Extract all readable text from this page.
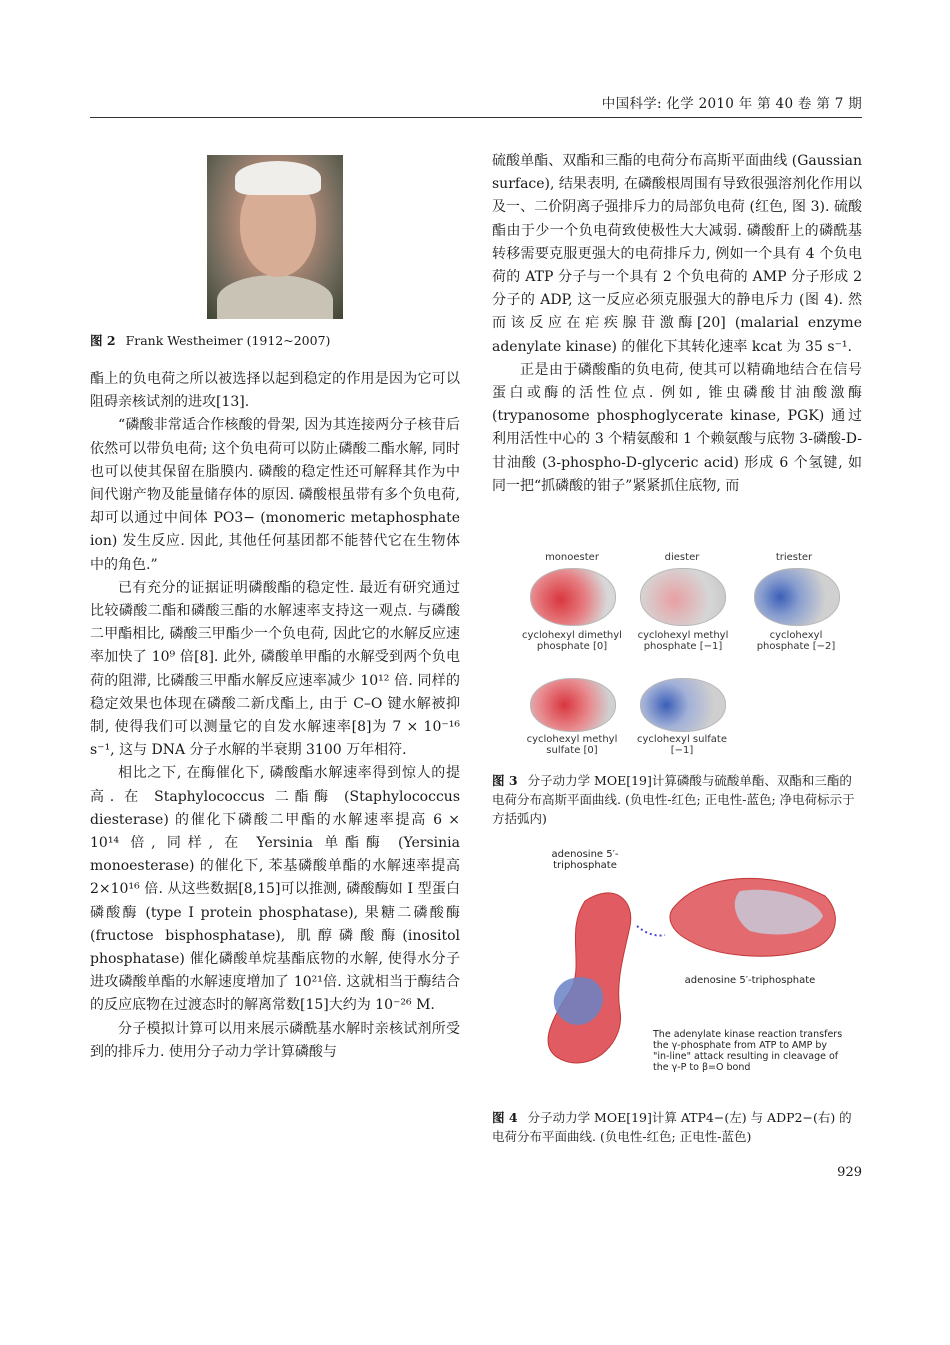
中国科学: 化学 2010 年 第 40 卷 第 7 期
图 2 Frank Westheimer (1912~2007)

酯上的负电荷之所以被选择以起到稳定的作用是因为它可以阻碍亲核试剂的进攻[13].

“磷酸非常适合作核酸的骨架, 因为其连接两分子核苷后依然可以带负电荷; 这个负电荷可以防止磷酸二酯水解, 同时也可以使其保留在脂膜内. 磷酸的稳定性还可解释其作为中间代谢产物及能量储存体的原因. 磷酸根虽带有多个负电荷, 却可以通过中间体 PO3− (monomeric metaphosphate ion) 发生反应. 因此, 其他任何基团都不能替代它在生物体中的角色.”

已有充分的证据证明磷酸酯的稳定性. 最近有研究通过比较磷酸二酯和磷酸三酯的水解速率支持这一观点. 与磷酸二甲酯相比, 磷酸三甲酯少一个负电荷, 因此它的水解反应速率加快了 10⁹ 倍[8]. 此外, 磷酸单甲酯的水解受到两个负电荷的阻滞, 比磷酸三甲酯水解反应速率减少 10¹² 倍. 同样的稳定效果也体现在磷酸二新戊酯上, 由于 C–O 键水解被抑制, 使得我们可以测量它的自发水解速率[8]为 7 × 10⁻¹⁶ s⁻¹, 这与 DNA 分子水解的半衰期 3100 万年相符.

相比之下, 在酶催化下, 磷酸酯水解速率得到惊人的提高. 在 Staphylococcus 二酯酶 (Staphylococcus diesterase) 的催化下磷酸二甲酯的水解速率提高 6 × 10¹⁴ 倍, 同样, 在 Yersinia 单酯酶 (Yersinia monoesterase) 的催化下, 苯基磷酸单酯的水解速率提高 2×10¹⁶ 倍. 从这些数据[8,15]可以推测, 磷酸酶如 I 型蛋白磷酸酶 (type I protein phosphatase), 果糖二磷酸酶 (fructose bisphosphatase), 肌醇磷酸酶(inositol phosphatase) 催化磷酸单烷基酯底物的水解, 使得水分子进攻磷酸单酯的水解速度增加了 10²¹倍. 这就相当于酶结合的反应底物在过渡态时的解离常数[15]大约为 10⁻²⁶ M.

分子模拟计算可以用来展示磷酰基水解时亲核试剂所受到的排斥力. 使用分子动力学计算磷酸与

硫酸单酯、双酯和三酯的电荷分布高斯平面曲线 (Gaussian surface), 结果表明, 在磷酸根周围有导致很强溶剂化作用以及一、二价阴离子强排斥力的局部负电荷 (红色, 图 3). 硫酸酯由于少一个负电荷致使极性大大减弱. 磷酸酐上的磷酰基转移需要克服更强大的电荷排斥力, 例如一个具有 4 个负电荷的 ATP 分子与一个具有 2 个负电荷的 AMP 分子形成 2 分子的 ADP, 这一反应必须克服强大的静电斥力 (图 4). 然而该反应在疟疾腺苷激酶[20] (malarial enzyme adenylate kinase) 的催化下其转化速率 kcat 为 35 s⁻¹.

正是由于磷酸酯的负电荷, 使其可以精确地结合在信号蛋白或酶的活性位点. 例如, 锥虫磷酸甘油酸激酶 (trypanosome phosphoglycerate kinase, PGK) 通过利用活性中心的 3 个精氨酸和 1 个赖氨酸与底物 3-磷酸-D-甘油酸 (3-phospho-D-glyceric acid) 形成 6 个氢键, 如同一把“抓磷酸的钳子”紧紧抓住底物, 而

monoester	diester	triester
cyclohexyl dimethyl phosphate [0]
cyclohexyl methyl phosphate [−1]
cyclohexyl phosphate [−2]
cyclohexyl methyl sulfate [0]
cyclohexyl sulfate [−1]
图 3 分子动力学 MOE[19]计算磷酸与硫酸单酯、双酯和三酯的电荷分布高斯平面曲线. (负电性-红色; 正电性-蓝色; 净电荷标示于方括弧内)
adenosine 5′-triphosphate
adenosine 5′-triphosphate
The adenylate kinase reaction transfers the γ-phosphate from ATP to AMP by "in-line" attack resulting in cleavage of the γ-P to β=O bond
图 4 分子动力学 MOE[19]计算 ATP4−(左) 与 ADP2−(右) 的电荷分布平面曲线. (负电性-红色; 正电性-蓝色)
929
